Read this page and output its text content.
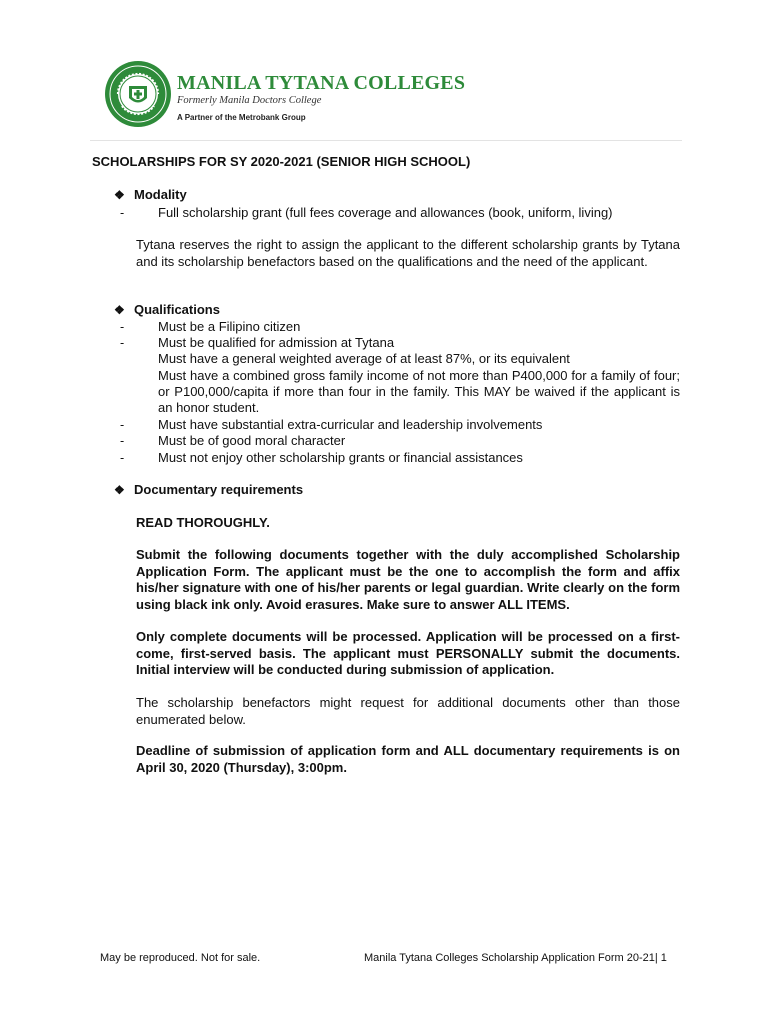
MANILA TYTANA COLLEGES
Formerly Manila Doctors College
A Partner of the Metrobank Group
SCHOLARSHIPS FOR SY 2020-2021 (SENIOR HIGH SCHOOL)
❖ Modality
-	Full scholarship grant (full fees coverage and allowances (book, uniform, living)
Tytana reserves the right to assign the applicant to the different scholarship grants by Tytana and its scholarship benefactors based on the qualifications and the need of the applicant.
❖ Qualifications
-	Must be a Filipino citizen
-	Must be qualified for admission at Tytana
Must have a general weighted average of at least 87%, or its equivalent
Must have a combined gross family income of not more than P400,000 for a family of four; or P100,000/capita if more than four in the family. This MAY be waived if the applicant is an honor student.
-	Must have substantial extra-curricular and leadership involvements
-	Must be of good moral character
-	Must not enjoy other scholarship grants or financial assistances
❖ Documentary requirements
READ THOROUGHLY.
Submit the following documents together with the duly accomplished Scholarship Application Form. The applicant must be the one to accomplish the form and affix his/her signature with one of his/her parents or legal guardian. Write clearly on the form using black ink only. Avoid erasures. Make sure to answer ALL ITEMS.
Only complete documents will be processed. Application will be processed on a first-come, first-served basis. The applicant must PERSONALLY submit the documents. Initial interview will be conducted during submission of application.
The scholarship benefactors might request for additional documents other than those enumerated below.
Deadline of submission of application form and ALL documentary requirements is on April 30, 2020 (Thursday), 3:00pm.
May be reproduced. Not for sale.	Manila Tytana Colleges Scholarship Application Form 20-21| 1
